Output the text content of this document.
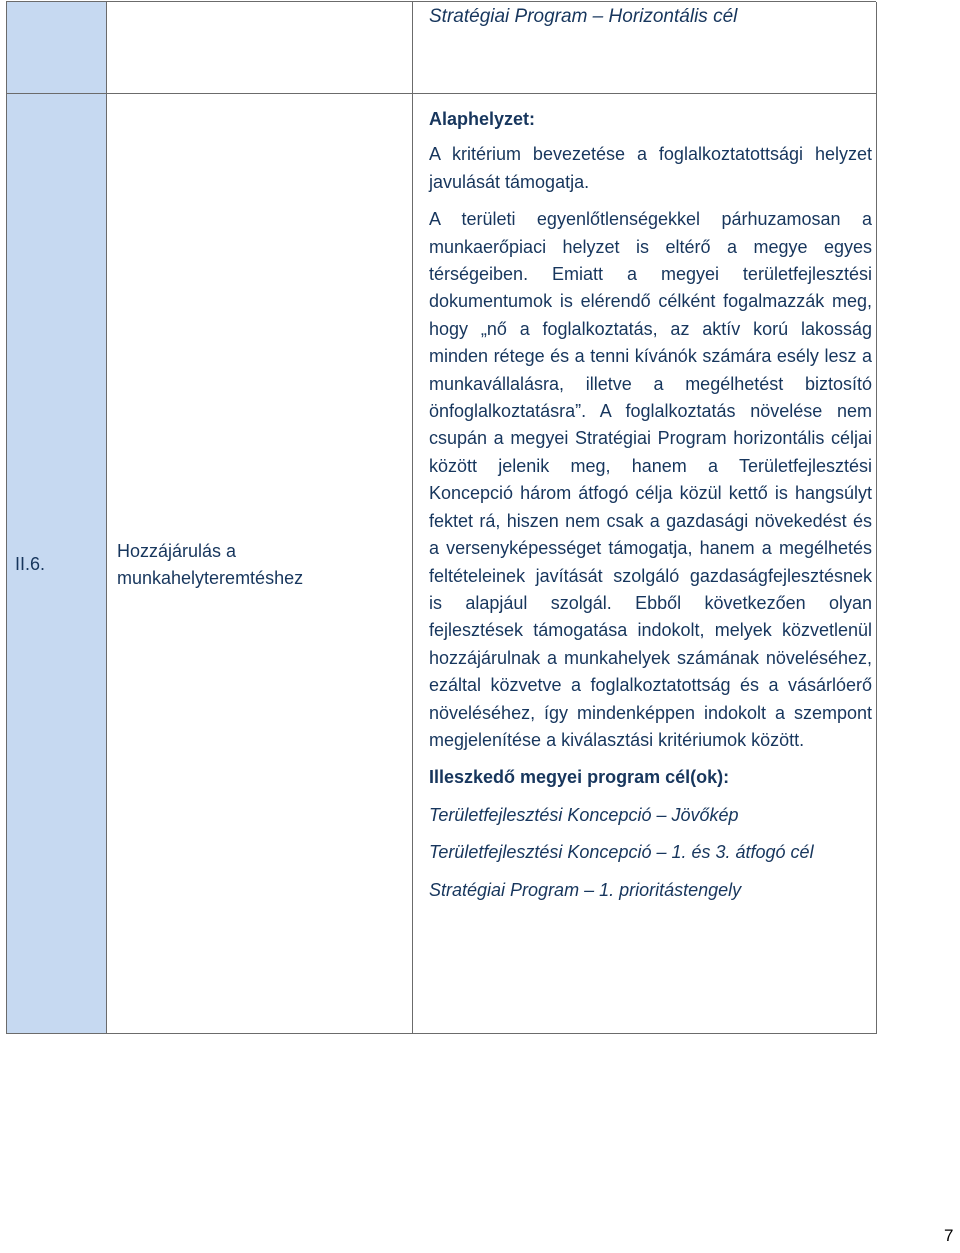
Stratégiai Program – Horizontális cél
II.6.
Hozzájárulás a munkahelyteremtéshez
Alaphelyzet:

A kritérium bevezetése a foglalkoztatottsági helyzet javulását támogatja.

A területi egyenlőtlenségekkel párhuzamosan a munkaerőpiaci helyzet is eltérő a megye egyes térségeiben. Emiatt a megyei területfejlesztési dokumentumok is elérendő célként fogalmazzák meg, hogy „nő a foglalkoztatás, az aktív korú lakosság minden rétege és a tenni kívánók számára esély lesz a munkavállalásra, illetve a megélhetést biztosító önfoglalkoztatásra”. A foglalkoztatás növelése nem csupán a megyei Stratégiai Program horizontális céljai között jelenik meg, hanem a Területfejlesztési Koncepció három átfogó célja közül kettő is hangsúlyt fektet rá, hiszen nem csak a gazdasági növekedést és a versenyképességet támogatja, hanem a megélhetés feltételeinek javítását szolgáló gazdaságfejlesztésnek is alapjául szolgál. Ebből következően olyan fejlesztések támogatása indokolt, melyek közvetlenül hozzájárulnak a munkahelyek számának növeléséhez, ezáltal közvetve a foglalkoztatottság és a vásárlóerő növeléséhez, így mindenképpen indokolt a szempont megjelenítése a kiválasztási kritériumok között.

Illeszkedő megyei program cél(ok):
Területfejlesztési Koncepció – Jövőkép
Területfejlesztési Koncepció – 1. és 3. átfogó cél
Stratégiai Program – 1. prioritástengely
7
